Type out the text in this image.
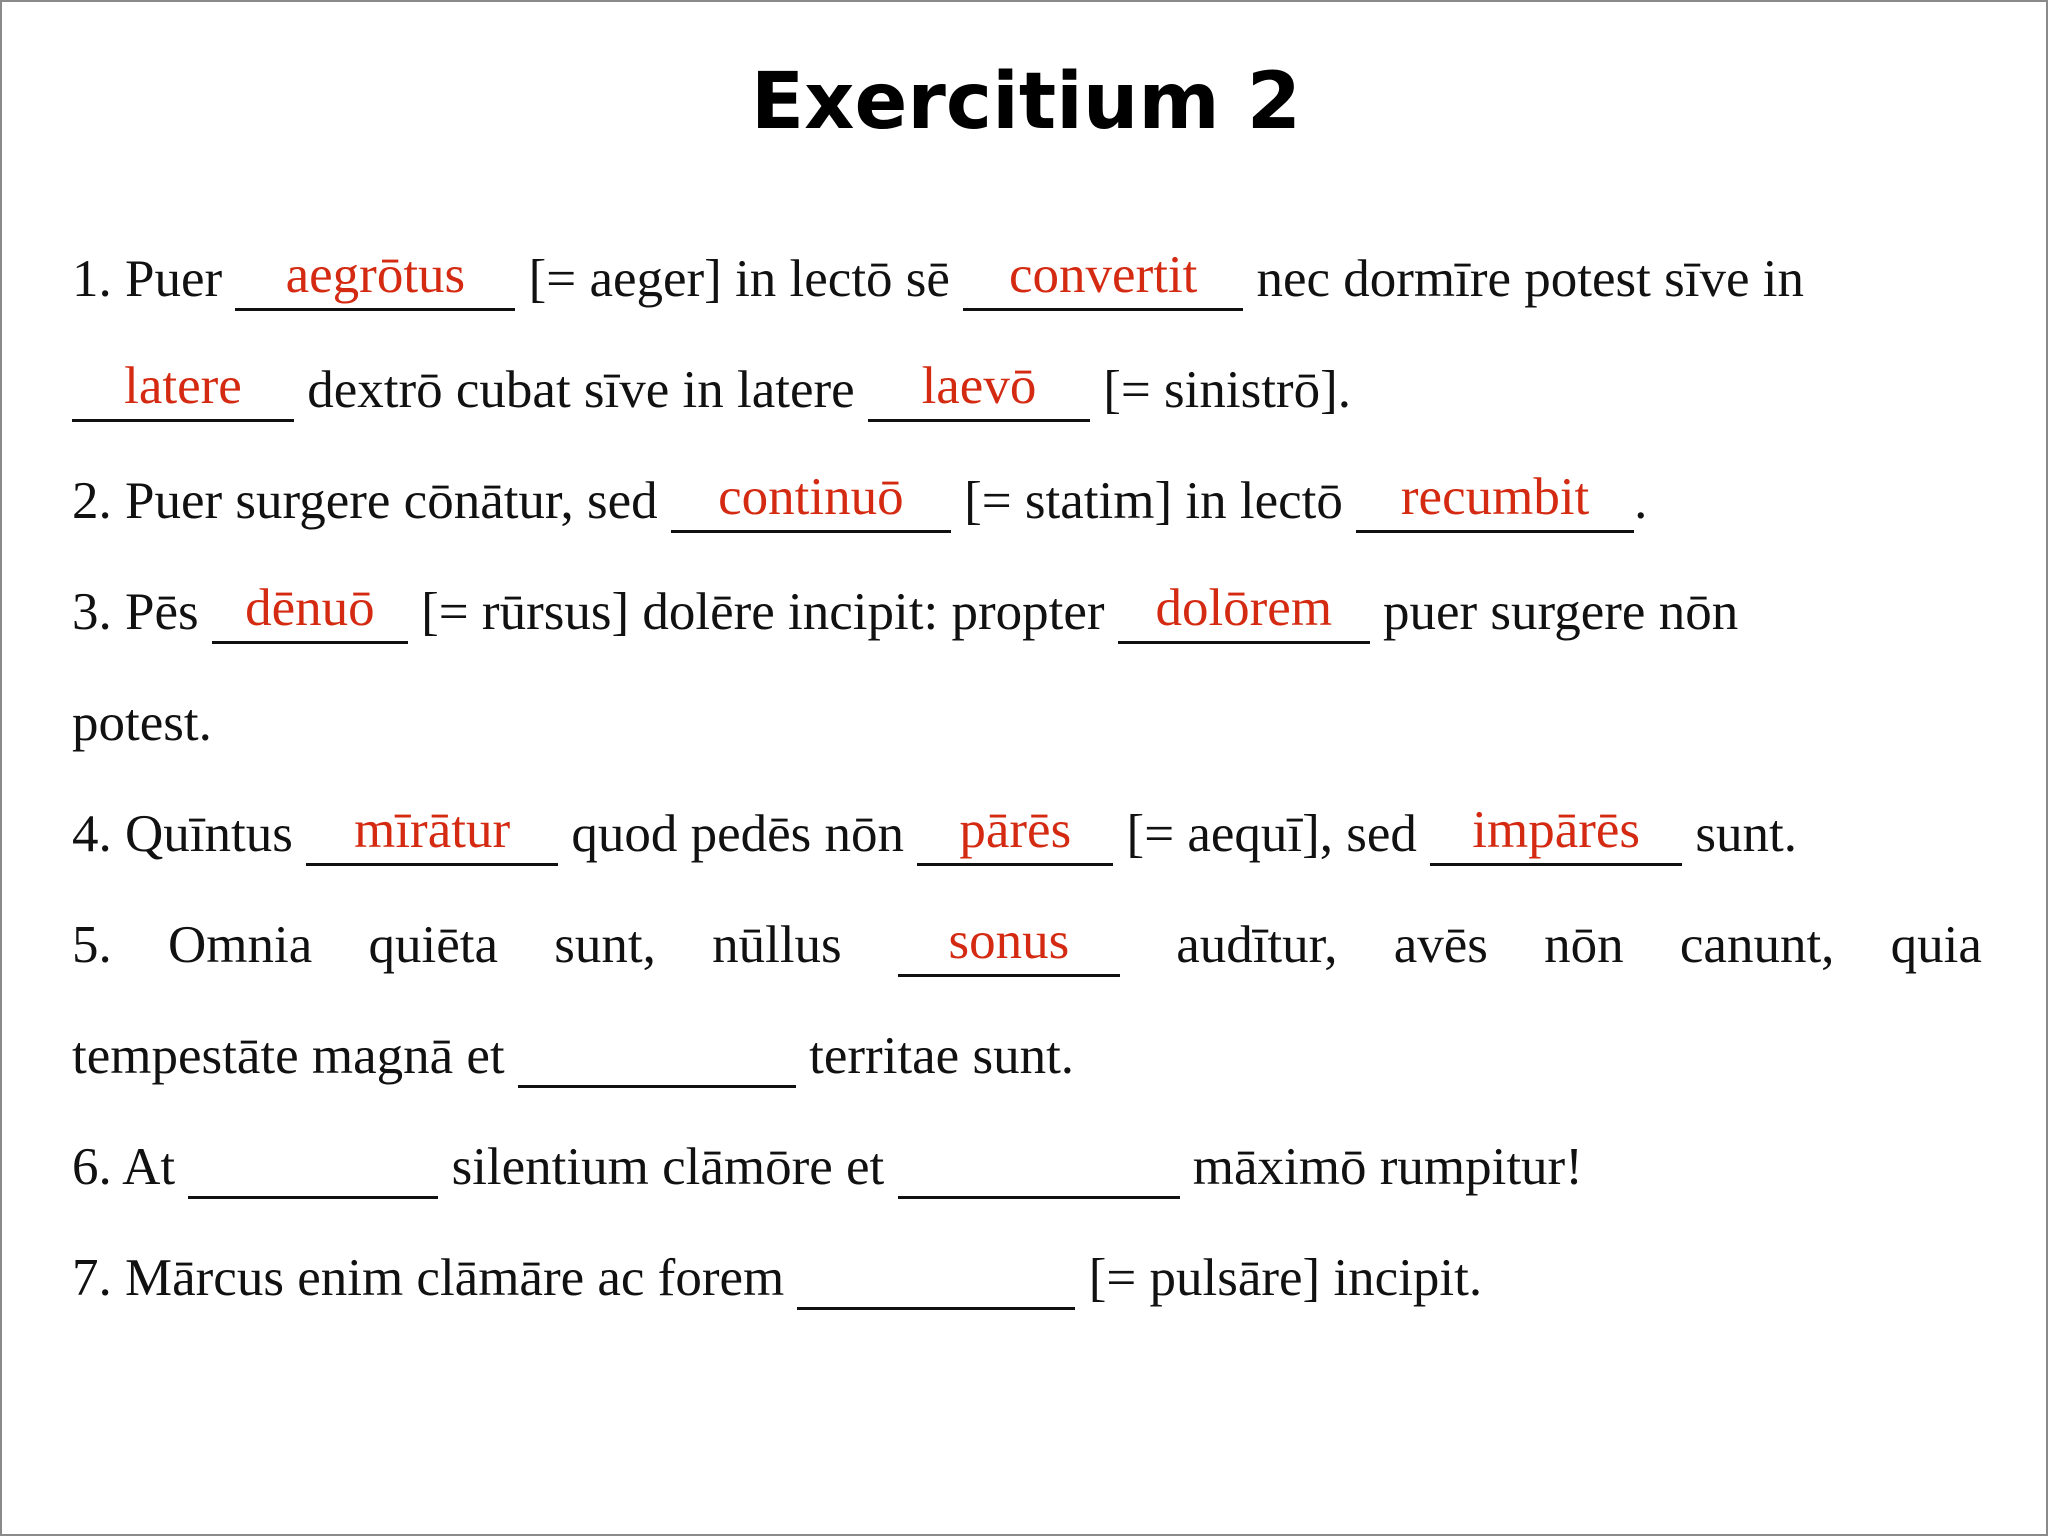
Exercitium 2
1. Puer aegrōtus [= aeger] in lectō sē convertit nec dormīre potest sīve in
latere dextrō cubat sīve in latere laevō [= sinistrō].
2. Puer surgere cōnātur, sed continuō [= statim] in lectō recumbit .
3. Pēs dēnuō [= rūrsus] dolēre incipit: propter dolōrem puer surgere nōn
potest.
4. Quīntus mīrātur quod pedēs nōn pārēs [= aequī], sed impārēs sunt.
5. Omnia quiēta sunt, nūllus	sonus	audītur, avēs nōn canunt, quia
tempestāte magnā et	territae sunt.
6. At	silentium clāmōre et	māximō rumpitur!
7. Mārcus enim clāmāre ac forem	[= pulsāre] incipit.
